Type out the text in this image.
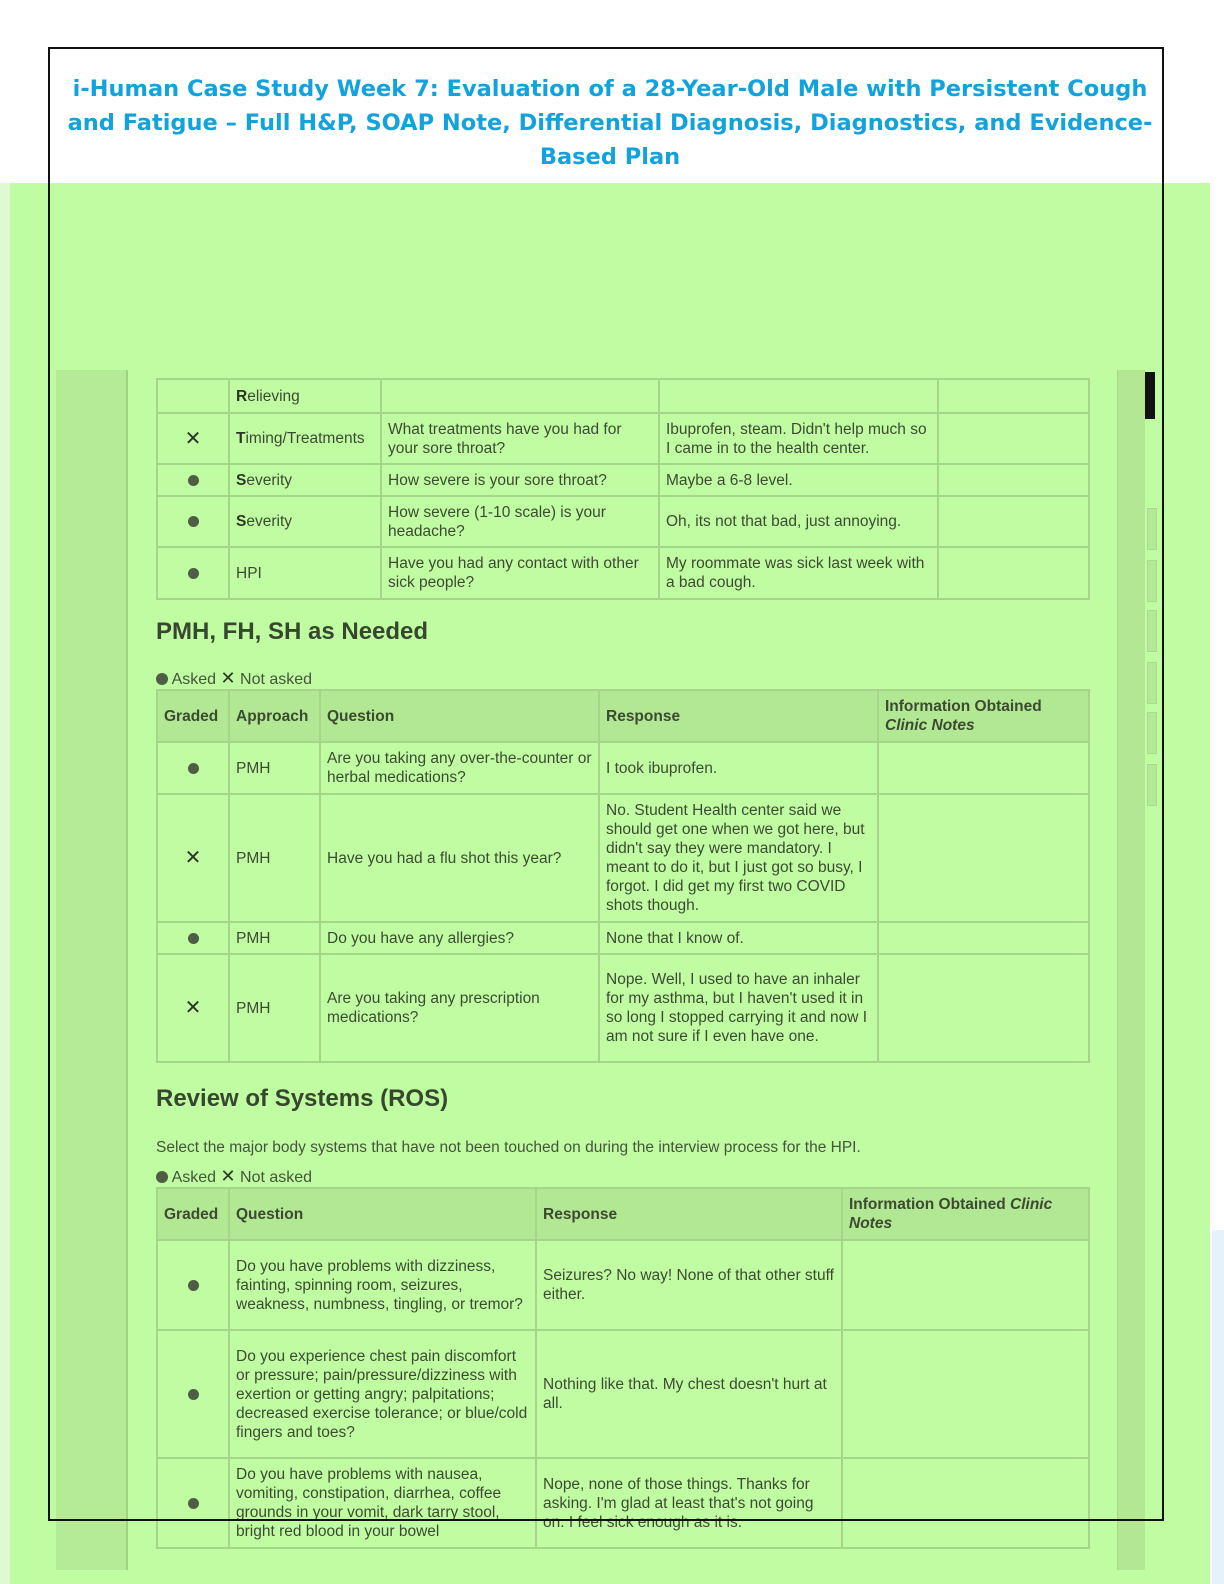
i-Human Case Study Week 7: Evaluation of a 28-Year-Old Male with Persistent Cough and Fatigue – Full H&P, SOAP Note, Differential Diagnosis, Diagnostics, and Evidence-Based Plan
	Relieving			
✕	Timing/Treatments	What treatments have you had for your sore throat?	Ibuprofen, steam. Didn't help much so I came in to the health center.	
	Severity	How severe is your sore throat?	Maybe a 6-8 level.	
	Severity	How severe (1-10 scale) is your headache?	Oh, its not that bad, just annoying.	
	HPI	Have you had any contact with other sick people?	My roommate was sick last week with a bad cough.	
PMH, FH, SH as Needed
Asked ✕ Not asked
Graded	Approach	Question	Response	Information Obtained
Clinic Notes
	PMH	Are you taking any over-the-counter or herbal medications?	I took ibuprofen.	
✕	PMH	Have you had a flu shot this year?	No. Student Health center said we should get one when we got here, but didn't say they were mandatory. I meant to do it, but I just got so busy, I forgot. I did get my first two COVID shots though.	
	PMH	Do you have any allergies?	None that I know of.	
✕	PMH	Are you taking any prescription medications?	Nope. Well, I used to have an inhaler for my asthma, but I haven't used it in so long I stopped carrying it and now I am not sure if I even have one.	
Review of Systems (ROS)
Select the major body systems that have not been touched on during the interview process for the HPI.
Asked ✕ Not asked
Graded	Question	Response	Information Obtained Clinic Notes
	Do you have problems with dizziness, fainting, spinning room, seizures, weakness, numbness, tingling, or tremor?	Seizures? No way! None of that other stuff either.	
	Do you experience chest pain discomfort or pressure; pain/pressure/dizziness with exertion or getting angry; palpitations; decreased exercise tolerance; or blue/cold fingers and toes?	Nothing like that. My chest doesn't hurt at all.	
	Do you have problems with nausea, vomiting, constipation, diarrhea, coffee grounds in your vomit, dark tarry stool, bright red blood in your bowel	Nope, none of those things. Thanks for asking. I'm glad at least that's not going on. I feel sick enough as it is.	
